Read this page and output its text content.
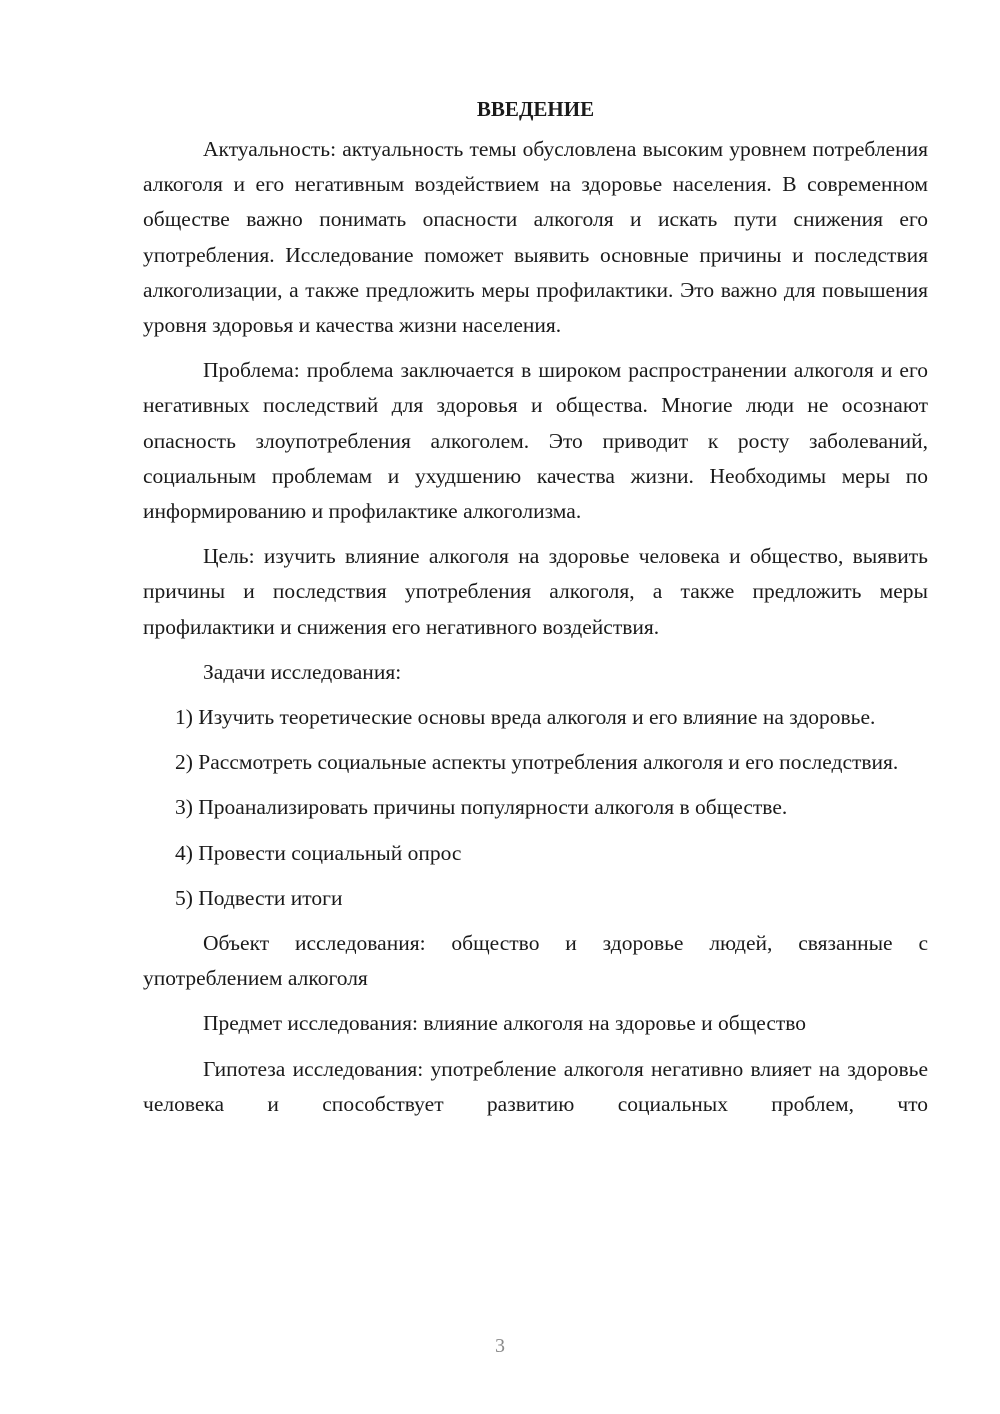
ВВЕДЕНИЕ

Актуальность: актуальность темы обусловлена высоким уровнем потребления алкоголя и его негативным воздействием на здоровье населения. В современном обществе важно понимать опасности алкоголя и искать пути снижения его употребления. Исследование поможет выявить основные причины и последствия алкоголизации, а также предложить меры профилактики. Это важно для повышения уровня здоровья и качества жизни населения.

Проблема: проблема заключается в широком распространении алкоголя и его негативных последствий для здоровья и общества. Многие люди не осознают опасность злоупотребления алкоголем. Это приводит к росту заболеваний, социальным проблемам и ухудшению качества жизни. Необходимы меры по информированию и профилактике алкоголизма.

Цель: изучить влияние алкоголя на здоровье человека и общество, выявить причины и последствия употребления алкоголя, а также предложить меры профилактики и снижения его негативного воздействия.

Задачи исследования:

1) Изучить теоретические основы вреда алкоголя и его влияние на здоровье.

2) Рассмотреть социальные аспекты употребления алкоголя и его последствия.

3) Проанализировать причины популярности алкоголя в обществе.

4) Провести социальный опрос

5) Подвести итоги

Объект исследования: общество и здоровье людей, связанные с употреблением алкоголя

Предмет исследования: влияние алкоголя на здоровье и общество

Гипотеза исследования: употребление алкоголя негативно влияет на здоровье человека и способствует развитию социальных проблем, что

3
